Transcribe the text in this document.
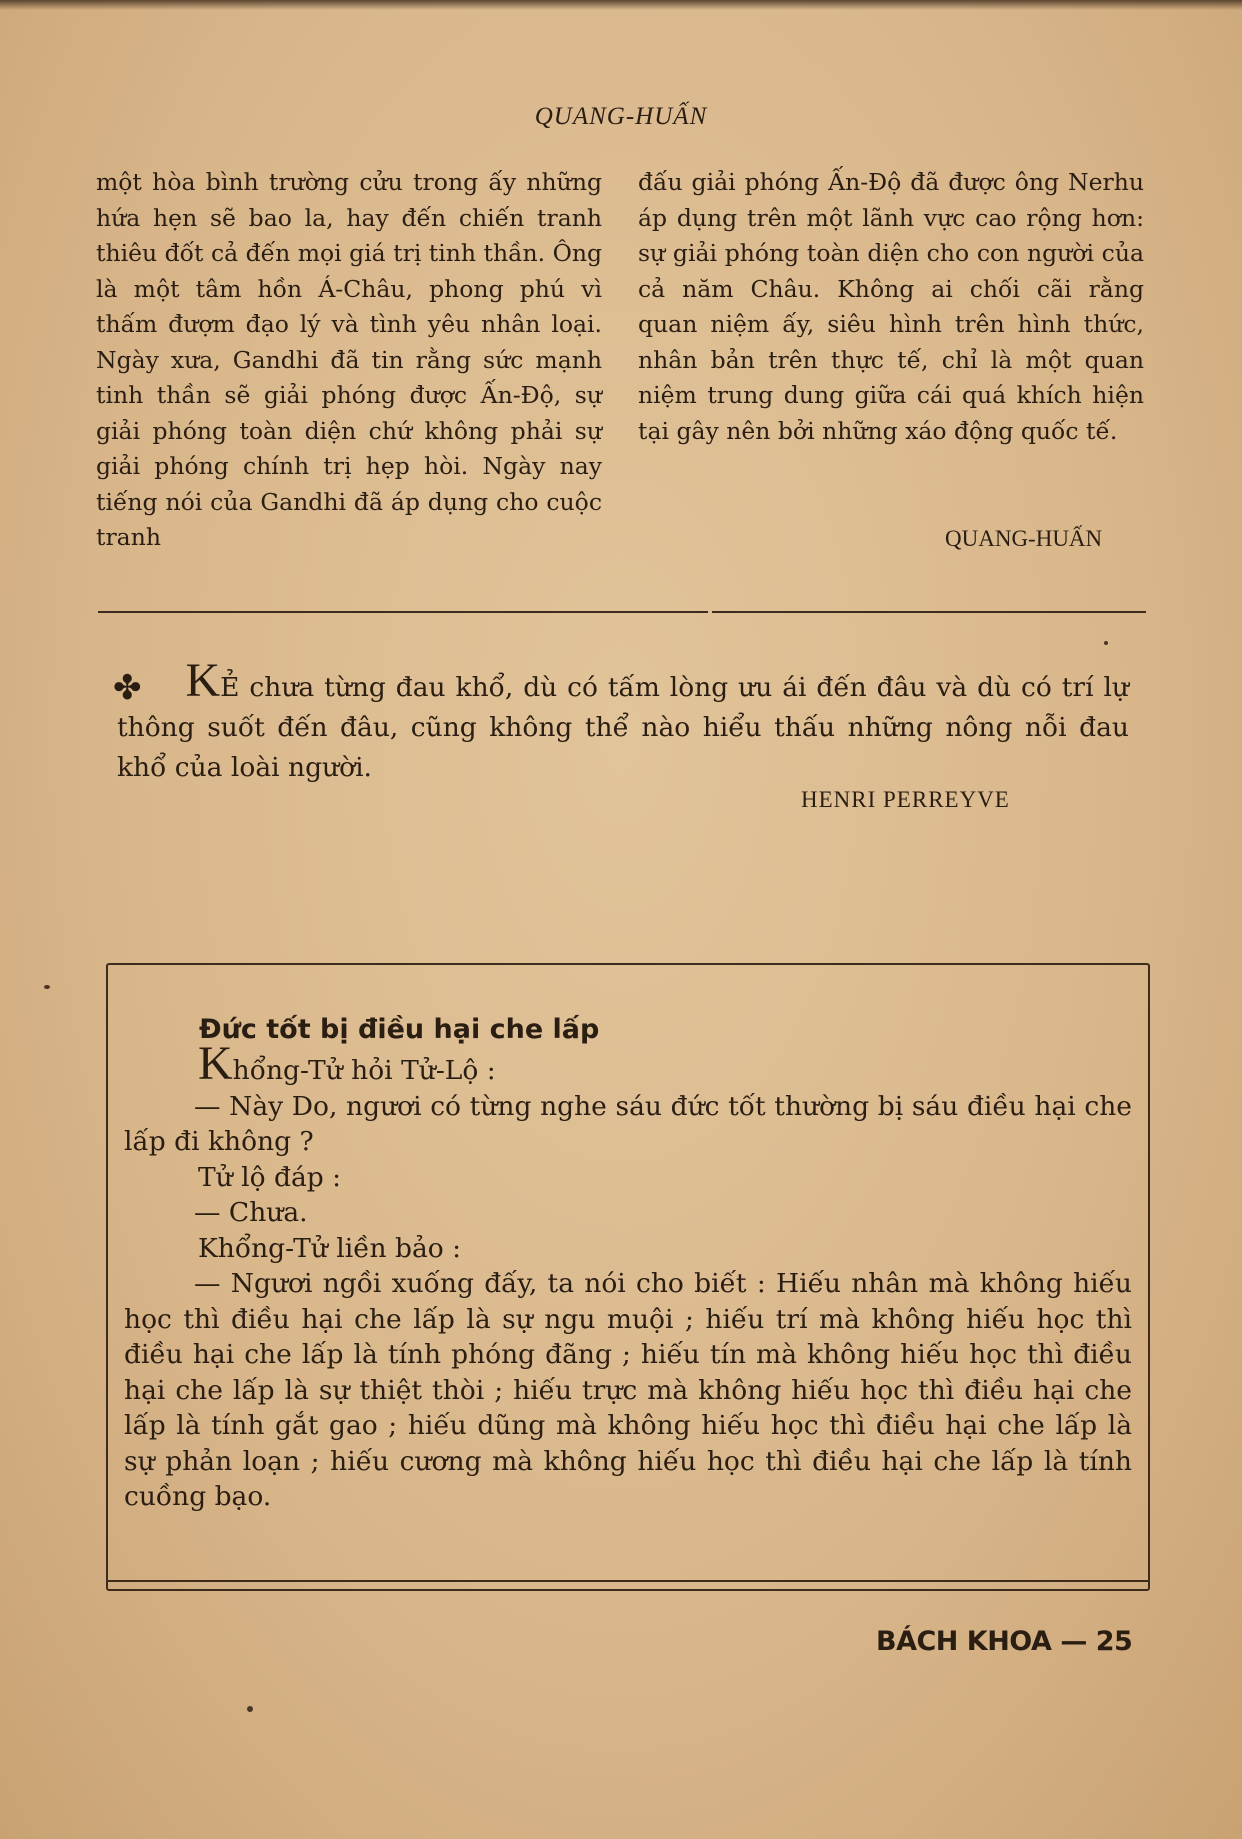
QUANG-HUẤN
một hòa bình trường cửu trong ấy những hứa hẹn sẽ bao la, hay đến chiến tranh thiêu đốt cả đến mọi giá trị tinh thần. Ông là một tâm hồn Á-Châu, phong phú vì thấm đượm đạo lý và tình yêu nhân loại. Ngày xưa, Gandhi đã tin rằng sức mạnh tinh thần sẽ giải phóng được Ấn-Độ, sự giải phóng toàn diện chứ không phải sự giải phóng chính trị hẹp hòi. Ngày nay tiếng nói của Gandhi đã áp dụng cho cuộc tranh
đấu giải phóng Ấn-Độ đã được ông Nerhu áp dụng trên một lãnh vực cao rộng hơn: sự giải phóng toàn diện cho con người của cả năm Châu. Không ai chối cãi rằng quan niệm ấy, siêu hình trên hình thức, nhân bản trên thực tế, chỉ là một quan niệm trung dung giữa cái quá khích hiện tại gây nên bởi những xáo động quốc tế.
QUANG-HUẤN
✤ KẺ chưa từng đau khổ, dù có tấm lòng ưu ái đến đâu và dù có trí lự thông suốt đến đâu, cũng không thể nào hiểu thấu những nông nỗi đau khổ của loài người.
HENRI PERREYVE
Đức tốt bị điều hại che lấp

Khổng-Tử hỏi Tử-Lộ :

— Này Do, ngươi có từng nghe sáu đức tốt thường bị sáu điều hại che lấp đi không ?

Tử lộ đáp :

— Chưa.

Khổng-Tử liền bảo :

— Ngươi ngồi xuống đấy, ta nói cho biết : Hiếu nhân mà không hiếu học thì điều hại che lấp là sự ngu muội ; hiếu trí mà không hiếu học thì điều hại che lấp là tính phóng đãng ; hiếu tín mà không hiếu học thì điều hại che lấp là sự thiệt thòi ; hiếu trực mà không hiếu học thì điều hại che lấp là tính gắt gao ; hiếu dũng mà không hiếu học thì điều hại che lấp là sự phản loạn ; hiếu cương mà không hiếu học thì điều hại che lấp là tính cuồng bạo.

BÁCH KHOA — 25
